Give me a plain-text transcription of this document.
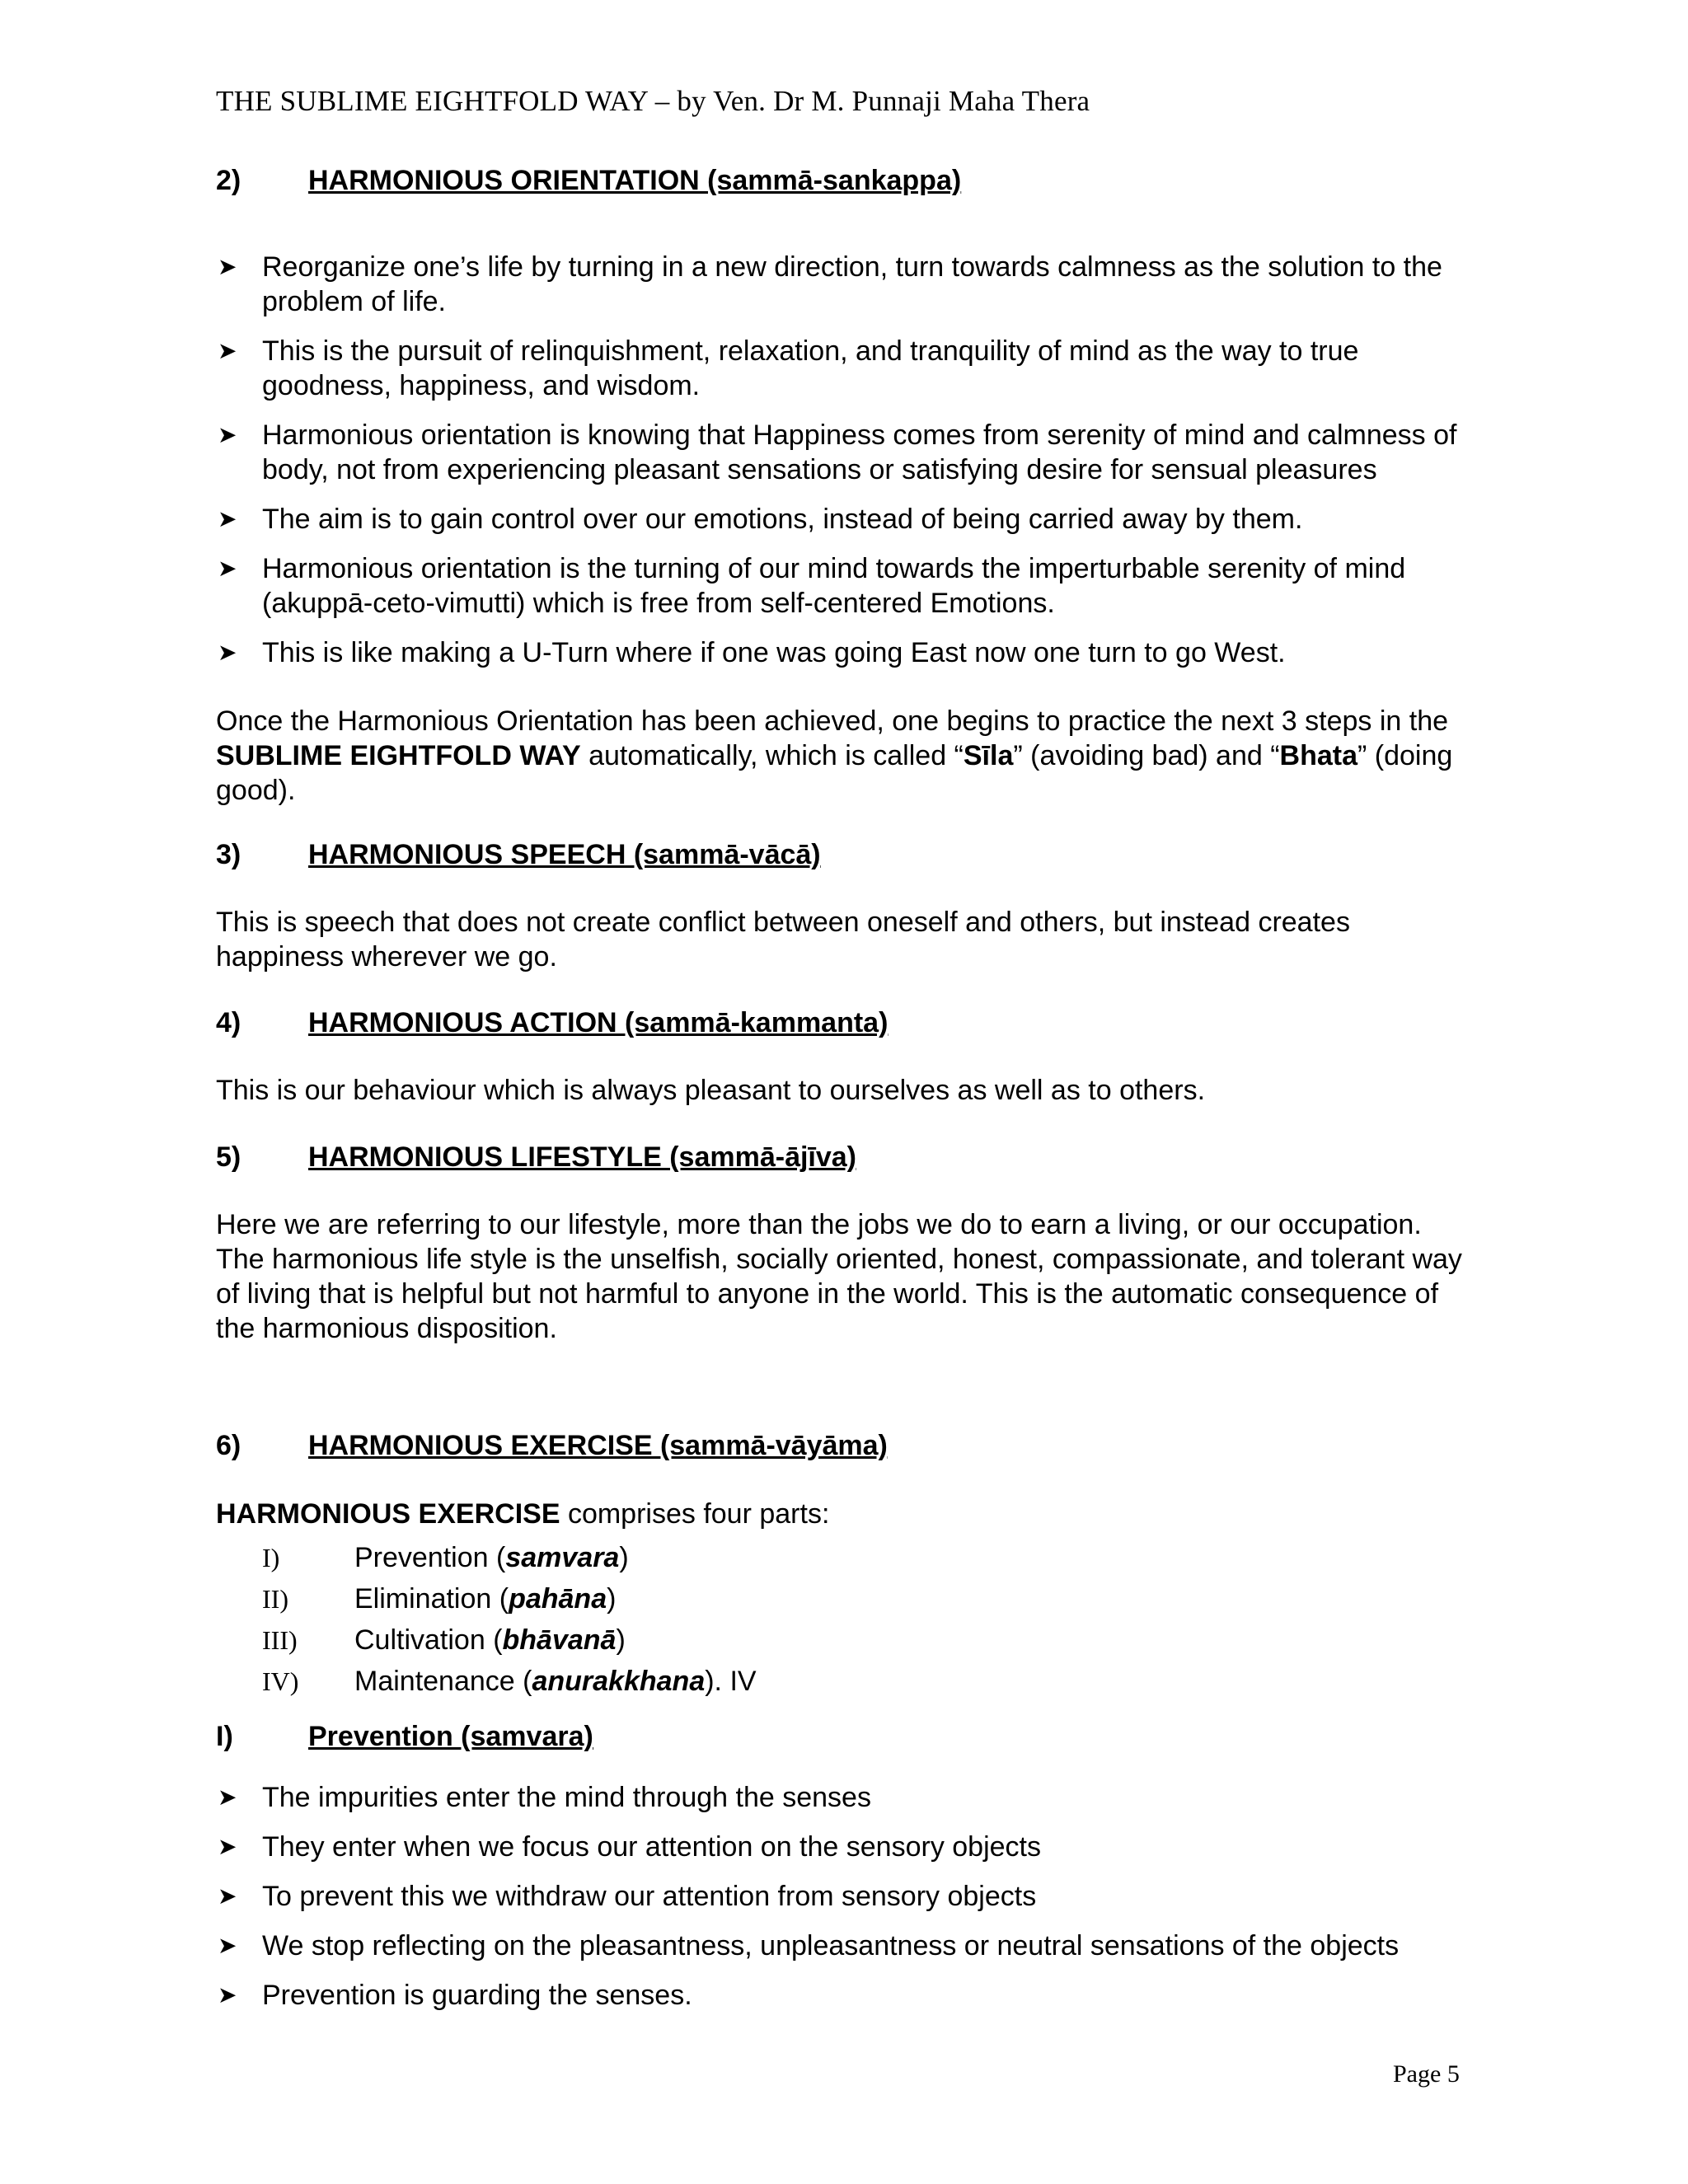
THE SUBLIME EIGHTFOLD WAY – by Ven. Dr M. Punnaji Maha Thera
2) HARMONIOUS ORIENTATION (sammā-sankappa)
➤ Reorganize one’s life by turning in a new direction, turn towards calmness as the solution to the problem of life.
➤ This is the pursuit of relinquishment, relaxation, and tranquility of mind as the way to true goodness, happiness, and wisdom.
➤ Harmonious orientation is knowing that Happiness comes from serenity of mind and calmness of body, not from experiencing pleasant sensations or satisfying desire for sensual pleasures
➤ The aim is to gain control over our emotions, instead of being carried away by them.
➤ Harmonious orientation is the turning of our mind towards the imperturbable serenity of mind (akuppā-ceto-vimutti) which is free from self-centered Emotions.
➤ This is like making a U-Turn where if one was going East now one turn to go West.

Once the Harmonious Orientation has been achieved, one begins to practice the next 3 steps in the SUBLIME EIGHTFOLD WAY automatically, which is called “Sīla” (avoiding bad) and “Bhata” (doing good).

3) HARMONIOUS SPEECH (sammā-vācā)

This is speech that does not create conflict between oneself and others, but instead creates happiness wherever we go.

4) HARMONIOUS ACTION (sammā-kammanta)

This is our behaviour which is always pleasant to ourselves as well as to others.

5) HARMONIOUS LIFESTYLE (sammā-ājīva)

Here we are referring to our lifestyle, more than the jobs we do to earn a living, or our occupation. The harmonious life style is the unselfish, socially oriented, honest, compassionate, and tolerant way of living that is helpful but not harmful to anyone in the world. This is the automatic consequence of the harmonious disposition.

6) HARMONIOUS EXERCISE (sammā-vāyāma)

HARMONIOUS EXERCISE comprises four parts:

I)	Prevention (samvara)
II) Elimination (pahāna)
III) Cultivation (bhāvanā)
IV) Maintenance (anurakkhana). IV
I)	Prevention (samvara)
➤ The impurities enter the mind through the senses
➤ They enter when we focus our attention on the sensory objects
➤ To prevent this we withdraw our attention from sensory objects
➤ We stop reflecting on the pleasantness, unpleasantness or neutral sensations of the objects
➤ Prevention is guarding the senses.
Page 5
